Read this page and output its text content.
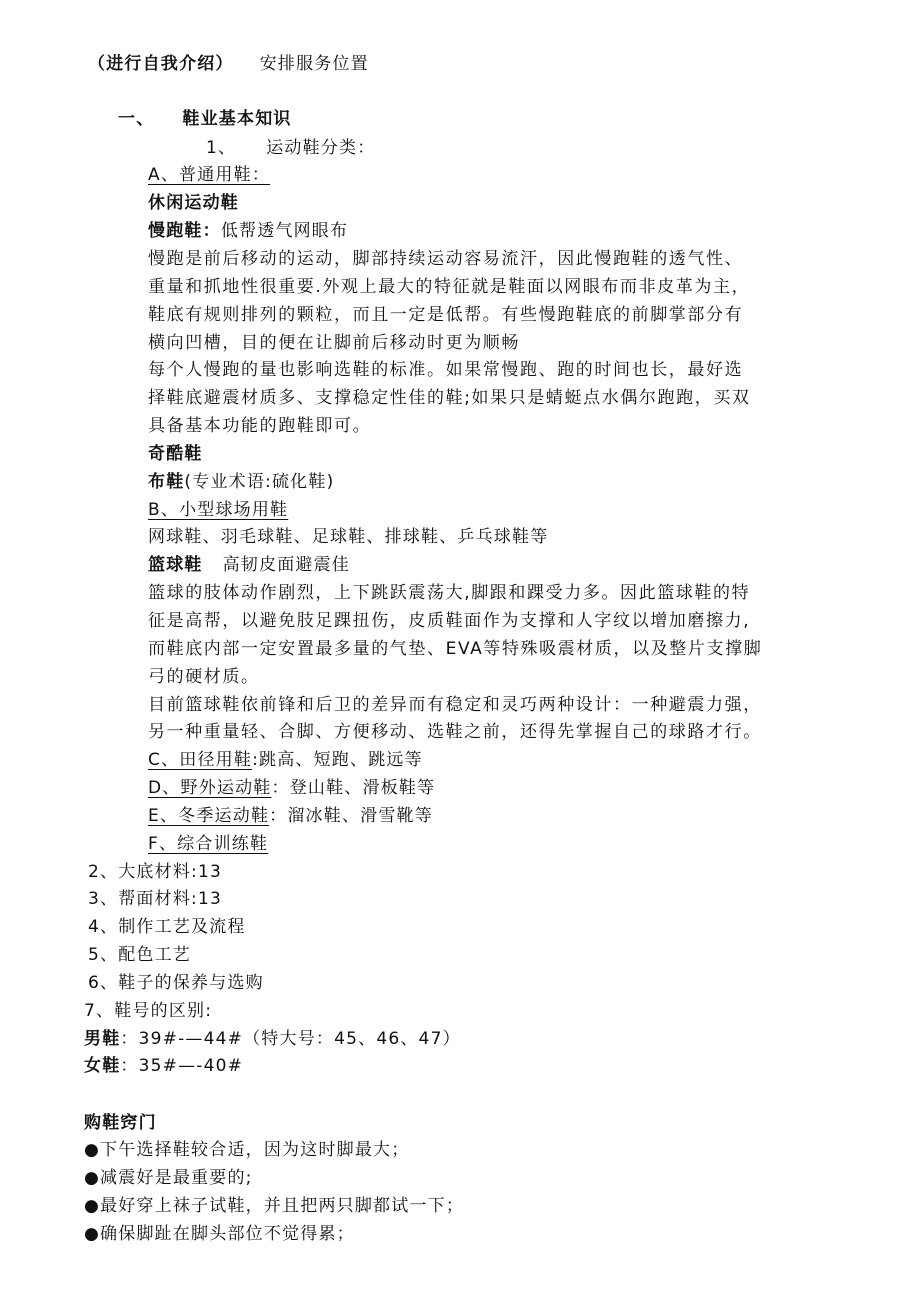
（进行自我介绍） 安排服务位置
一、 鞋业基本知识
1、 运动鞋分类：
A、普通用鞋：
休闲运动鞋
慢跑鞋：低帮透气网眼布
慢跑是前后移动的运动，脚部持续运动容易流汗，因此慢跑鞋的透气性、
重量和抓地性很重要.外观上最大的特征就是鞋面以网眼布而非皮革为主，
鞋底有规则排列的颗粒，而且一定是低帮。有些慢跑鞋底的前脚掌部分有
横向凹槽，目的便在让脚前后移动时更为顺畅
每个人慢跑的量也影响选鞋的标准。如果常慢跑、跑的时间也长，最好选
择鞋底避震材质多、支撑稳定性佳的鞋;如果只是蜻蜓点水偶尔跑跑，买双
具备基本功能的跑鞋即可。
奇酷鞋
布鞋(专业术语:硫化鞋)
B、小型球场用鞋
网球鞋、羽毛球鞋、足球鞋、排球鞋、乒乓球鞋等
篮球鞋 高韧皮面避震佳
篮球的肢体动作剧烈，上下跳跃震荡大,脚跟和踝受力多。因此篮球鞋的特
征是高帮，以避免肢足踝扭伤，皮质鞋面作为支撑和人字纹以增加磨擦力,
而鞋底内部一定安置最多量的气垫、EVA等特殊吸震材质，以及整片支撑脚
弓的硬材质。
目前篮球鞋依前锋和后卫的差异而有稳定和灵巧两种设计：一种避震力强，
另一种重量轻、合脚、方便移动、选鞋之前，还得先掌握自己的球路才行。
C、田径用鞋:跳高、短跑、跳远等
D、野外运动鞋：登山鞋、滑板鞋等
E、冬季运动鞋：溜冰鞋、滑雪靴等
F、综合训练鞋
2、大底材料:13
3、帮面材料:13
4、制作工艺及流程
5、配色工艺
6、鞋子的保养与选购
7、鞋号的区别:
男鞋：39#-—44#（特大号：45、46、47）
女鞋：35#—-40#
购鞋窍门
●下午选择鞋较合适，因为这时脚最大；
●减震好是最重要的;
●最好穿上袜子试鞋，并且把两只脚都试一下；
●确保脚趾在脚头部位不觉得累；
